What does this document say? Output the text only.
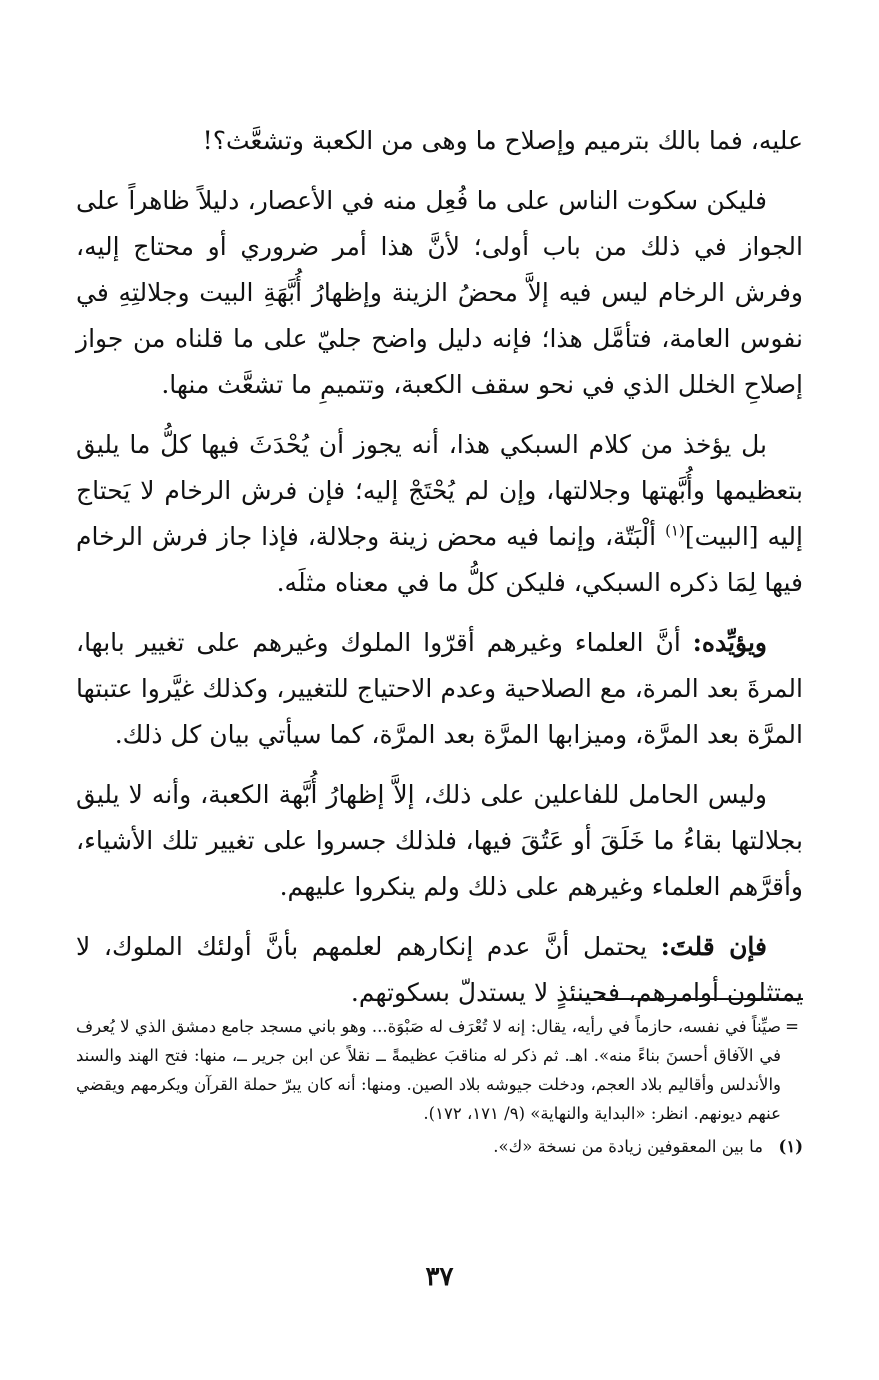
عليه، فما بالك بترميم وإصلاح ما وهى من الكعبة وتشعَّث؟!

فليكن سكوت الناس على ما فُعِل منه في الأعصار، دليلاً ظاهراً على الجواز في ذلك من باب أولى؛ لأنَّ هذا أمر ضروري أو محتاج إليه، وفرش الرخام ليس فيه إلاَّ محضُ الزينة وإظهارُ أُبَّهَةِ البيت وجلالتِهِ في نفوس العامة، فتأمَّل هذا؛ فإنه دليل واضح جليّ على ما قلناه من جواز إصلاحِ الخلل الذي في نحو سقف الكعبة، وتتميمِ ما تشعَّث منها.

بل يؤخذ من كلام السبكي هذا، أنه يجوز أن يُحْدَثَ فيها كلُّ ما يليق بتعظيمها وأُبَّهتها وجلالتها، وإن لم يُحْتَجْ إليه؛ فإن فرش الرخام لا يَحتاج إليه [البيت]$^{(١)}$ ألْبَتّة، وإنما فيه محض زينة وجلالة، فإذا جاز فرش الرخام فيها لِمَا ذكره السبكي، فليكن كلُّ ما في معناه مثلَه.

ويؤيِّده: أنَّ العلماء وغيرهم أقرّوا الملوك وغيرهم على تغيير بابها، المرةَ بعد المرة، مع الصلاحية وعدم الاحتياج للتغيير، وكذلك غيَّروا عتبتها المرَّة بعد المرَّة، وميزابها المرَّة بعد المرَّة، كما سيأتي بيان كل ذلك.

وليس الحامل للفاعلين على ذلك، إلاَّ إظهارُ أُبَّهة الكعبة، وأنه لا يليق بجلالتها بقاءُ ما خَلَقَ أو عَتُقَ فيها، فلذلك جسروا على تغيير تلك الأشياء، وأقرَّهم العلماء وغيرهم على ذلك ولم ينكروا عليهم.

فإن قلتَ: يحتمل أنَّ عدم إنكارهم لعلمهم بأنَّ أولئك الملوك، لا يمتثلون أوامرهم، فحينئذٍ لا يستدلّ بسكوتهم.

=
صيِّناً في نفسه، حازماً في رأيه، يقال: إنه لا تُعْرَف له صَبْوَة... وهو باني مسجد جامع دمشق الذي لا يُعرف في الآفاق أحسنَ بناءً منه». اهـ. ثم ذكر له مناقبَ عظيمةً ــ نقلاً عن ابن جرير ــ، منها: فتح الهند والسند والأندلس وأقاليم بلاد العجم، ودخلت جيوشه بلاد الصين. ومنها: أنه كان يبرّ حملة القرآن ويكرمهم ويقضي عنهم ديونهم. انظر: «البداية والنهاية» (٩/ ١٧١، ١٧٢).
(١)
ما بين المعقوفين زيادة من نسخة «ك».
٣٧
